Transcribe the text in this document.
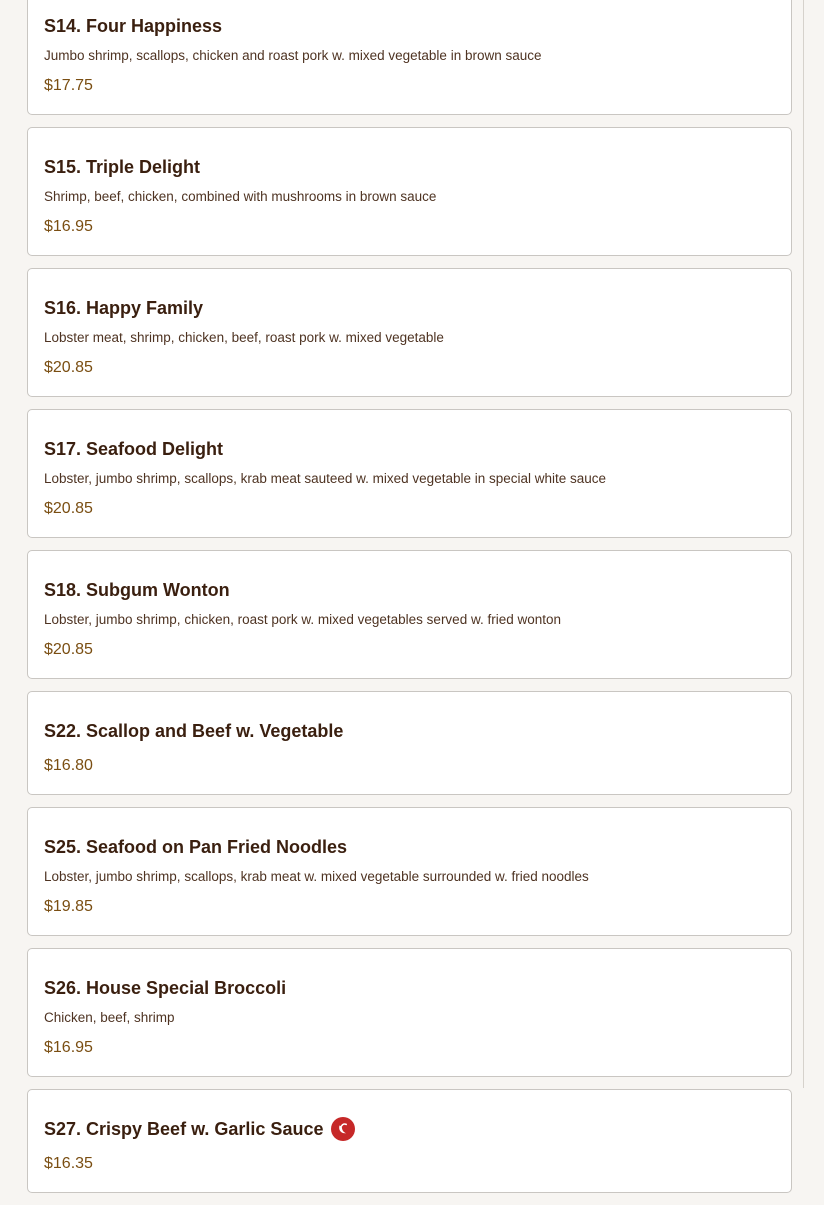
S14. Four Happiness
Jumbo shrimp, scallops, chicken and roast pork w. mixed vegetable in brown sauce
$17.75
S15. Triple Delight
Shrimp, beef, chicken, combined with mushrooms in brown sauce
$16.95
S16. Happy Family
Lobster meat, shrimp, chicken, beef, roast pork w. mixed vegetable
$20.85
S17. Seafood Delight
Lobster, jumbo shrimp, scallops, krab meat sauteed w. mixed vegetable in special white sauce
$20.85
S18. Subgum Wonton
Lobster, jumbo shrimp, chicken, roast pork w. mixed vegetables served w. fried wonton
$20.85
S22. Scallop and Beef w. Vegetable
$16.80
S25. Seafood on Pan Fried Noodles
Lobster, jumbo shrimp, scallops, krab meat w. mixed vegetable surrounded w. fried noodles
$19.85
S26. House Special Broccoli
Chicken, beef, shrimp
$16.95
S27. Crispy Beef w. Garlic Sauce
$16.35
